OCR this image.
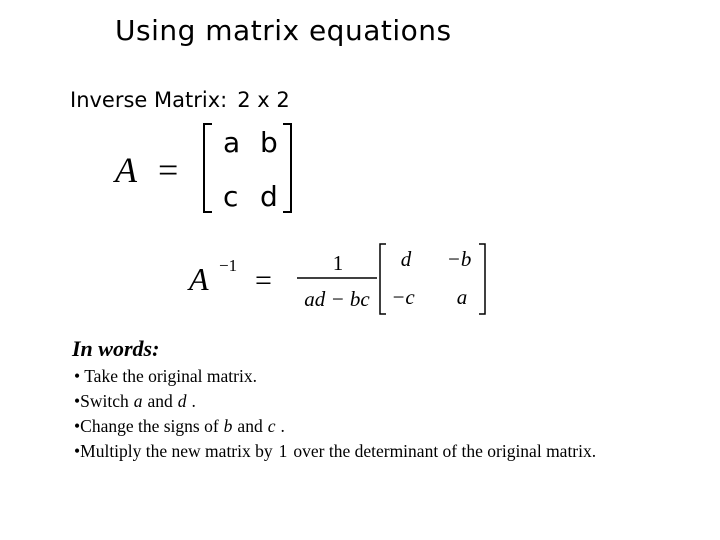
Using matrix equations
Inverse Matrix: 2 x 2
A =
a b
c d
A −1 =
1
ad − bc
d −b
−c a
In words:
• Take the original matrix.
•Switch a and d .
•Change the signs of b and c .
•Multiply the new matrix by 1 over the determinant of the original matrix.
